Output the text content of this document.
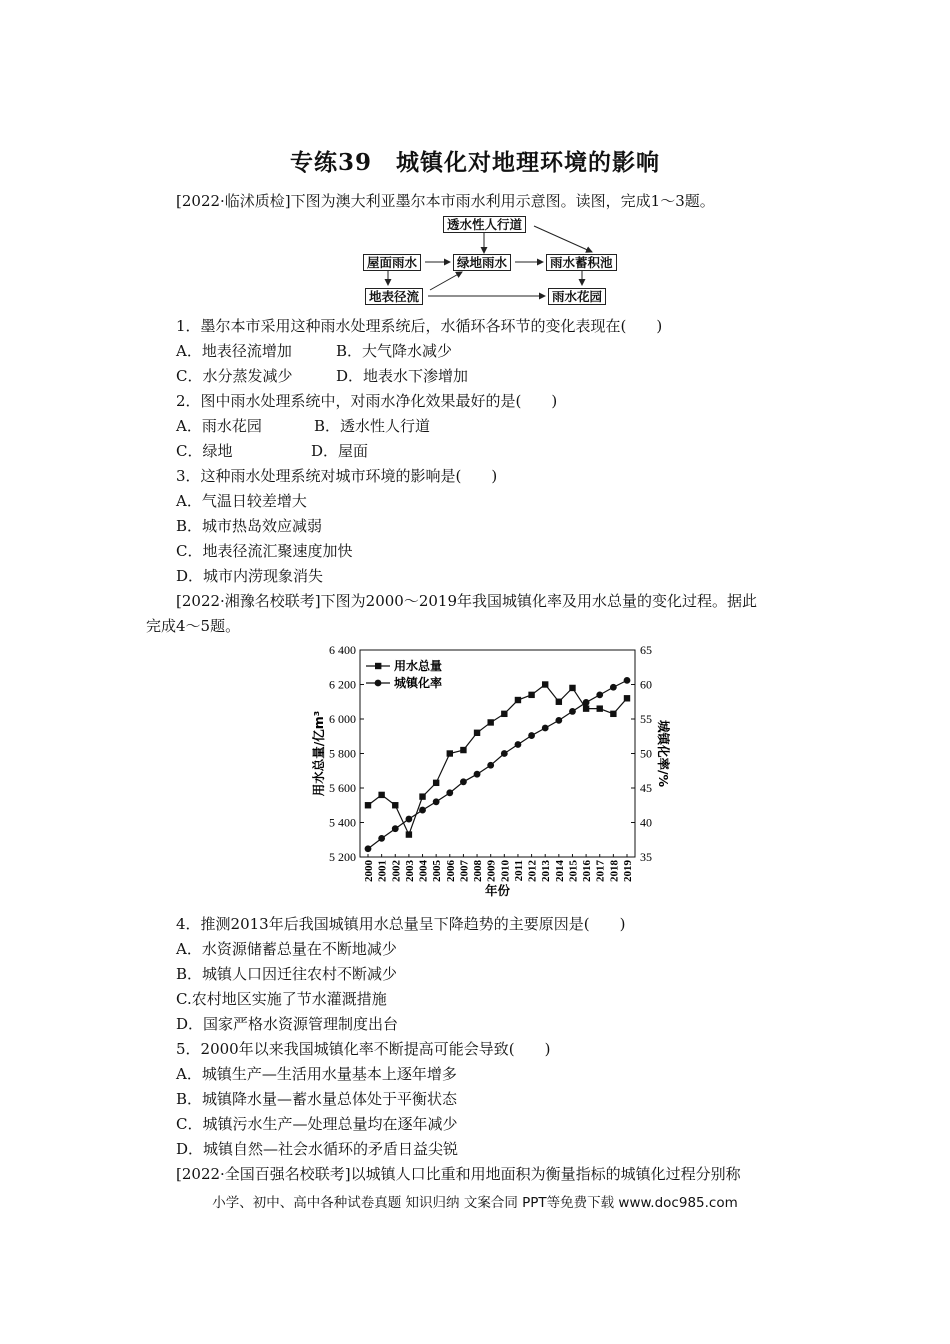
专练39　城镇化对地理环境的影响
[2022·临沭质检]下图为澳大利亚墨尔本市雨水利用示意图。读图，完成1～3题。
透水性人行道
屋面雨水	绿地雨水	雨水蓄积池
地表径流	雨水花园
1．墨尔本市采用这种雨水处理系统后，水循环各环节的变化表现在(　　)
A．地表径流增加	B．大气降水减少
C．水分蒸发减少	D．地表水下渗增加
2．图中雨水处理系统中，对雨水净化效果最好的是(　　)
A．雨水花园	B．透水性人行道
C．绿地	D．屋面
3．这种雨水处理系统对城市环境的影响是(　　)
A．气温日较差增大
B．城市热岛效应减弱
C．地表径流汇聚速度加快
D．城市内涝现象消失
[2022·湘豫名校联考]下图为2000～2019年我国城镇化率及用水总量的变化过程。据此
完成4～5题。
5 200
5 400
5 600
5 800
6 000
6 200
6 400
35
40
45
50
55
60
65
2000 2001 2002 2003 2004 2005 2006 2007 2008 2009 2010 2011 2012 2013 2014 2015 2016 2017 2018 2019
年份
用水总量/亿m³	城镇化率/%
用水总量
城镇化率
4．推测2013年后我国城镇用水总量呈下降趋势的主要原因是(　　)
A．水资源储蓄总量在不断地减少
B．城镇人口因迁往农村不断减少
C.农村地区实施了节水灌溉措施
D．国家严格水资源管理制度出台
5．2000年以来我国城镇化率不断提高可能会导致(　　)
A．城镇生产—生活用水量基本上逐年增多
B．城镇降水量—蓄水量总体处于平衡状态
C．城镇污水生产—处理总量均在逐年减少
D．城镇自然—社会水循环的矛盾日益尖锐
[2022·全国百强名校联考]以城镇人口比重和用地面积为衡量指标的城镇化过程分别称
小学、初中、高中各种试卷真题 知识归纳 文案合同 PPT等免费下载 www.doc985.com
